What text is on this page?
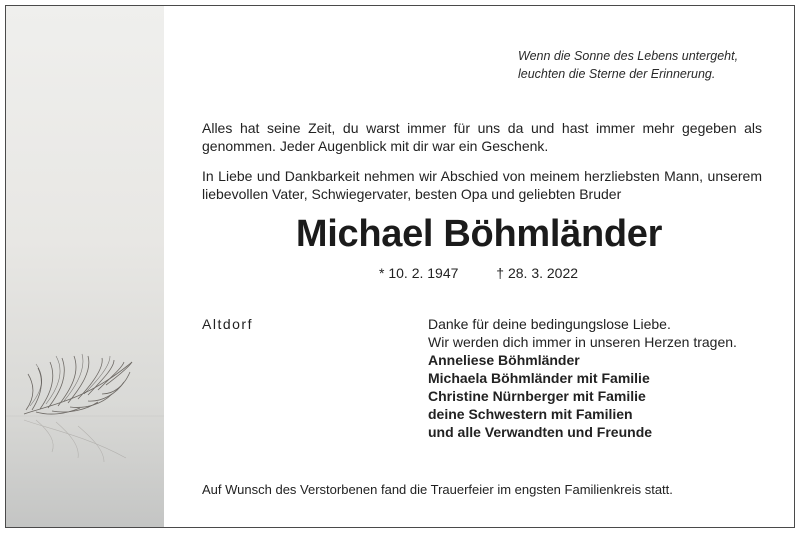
Wenn die Sonne des Lebens untergeht,
leuchten die Sterne der Erinnerung.
Alles hat seine Zeit, du warst immer für uns da und hast immer mehr gegeben als genommen. Jeder Augenblick mit dir war ein Geschenk.
In Liebe und Dankbarkeit nehmen wir Abschied von meinem herzliebsten Mann, unserem liebevollen Vater, Schwiegervater, besten Opa und geliebten Bruder
Michael Böhmländer
* 10. 2. 1947	† 28. 3. 2022
Altdorf	Danke für deine bedingungslose Liebe.
Wir werden dich immer in unseren Herzen tragen.
Anneliese Böhmländer
Michaela Böhmländer mit Familie
Christine Nürnberger mit Familie
deine Schwestern mit Familien
und alle Verwandten und Freunde
Auf Wunsch des Verstorbenen fand die Trauerfeier im engsten Familienkreis statt.
